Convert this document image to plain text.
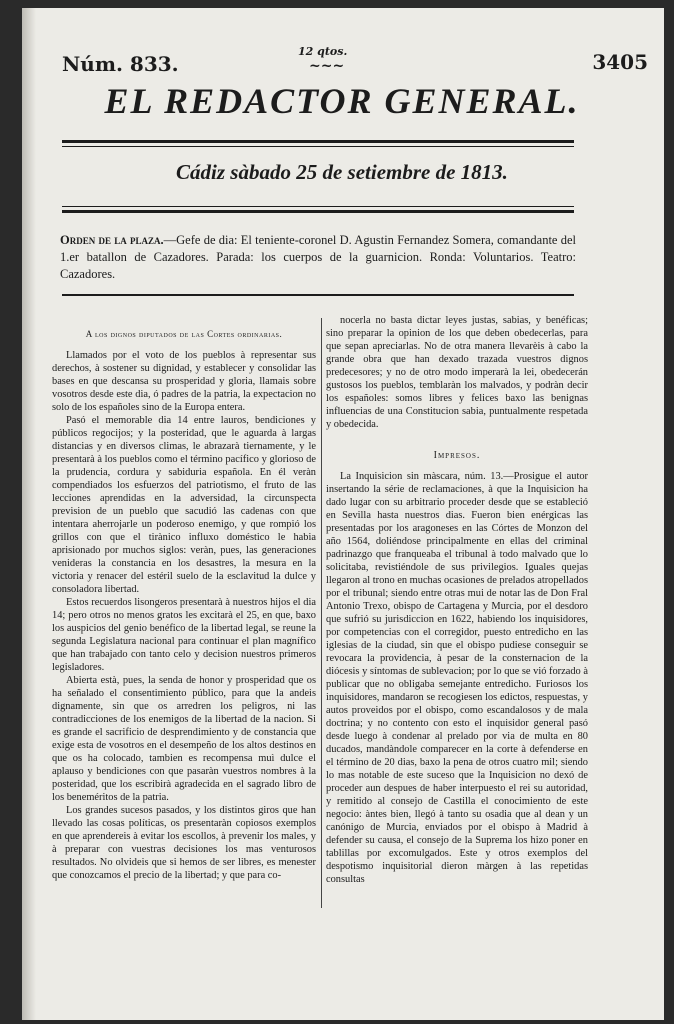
Núm. 833.
12 qtos.
~~~	3405
EL REDACTOR GENERAL.
Cádiz sàbado 25 de setiembre de 1813.
Orden de la plaza.—Gefe de dia: El teniente-coronel D. Agustin Fernandez Somera, comandante del 1.er batallon de Cazadores. Parada: los cuerpos de la guarnicion. Ronda: Voluntarios. Teatro: Cazadores.

A los dignos diputados de las Cortes ordinarias.

Llamados por el voto de los pueblos à representar sus derechos, à sostener su dignidad, y establecer y consolidar las bases en que descansa su prosperidad y gloria, llamais sobre vosotros desde este dia, ó padres de la patria, la expectacion no solo de los españoles sino de la Europa entera.

Pasó el memorable dia 14 entre lauros, bendiciones y públicos regocijos; y la posteridad, que le aguarda à largas distancias y en diversos climas, le abrazarà tiernamente, y le presentarà à los pueblos como el término pacífico y glorioso de la prudencia, cordura y sabiduria española. En él veràn compendiados los esfuerzos del patriotismo, el fruto de las lecciones aprendidas en la adversidad, la circunspecta prevision de un pueblo que sacudió las cadenas con que intentara aherrojarle un poderoso enemigo, y que rompió los grillos con que el tirànico influxo doméstico le habia aprisionado por muchos siglos: veràn, pues, las generaciones venideras la constancia en los desastres, la mesura en la victoria y renacer del estéril suelo de la esclavitud la dulce y consoladora libertad.

Estos recuerdos lisongeros presentarà à nuestros hijos el dia 14; pero otros no menos gratos les excitarà el 25, en que, baxo los auspicios del genio benéfico de la libertad legal, se reune la segunda Legislatura nacional para continuar el plan magnífico que han trabajado con tanto celo y decision nuestros primeros legisladores.

Abierta està, pues, la senda de honor y prosperidad que os ha señalado el consentimiento público, para que la andeis dignamente, sin que os arredren los peligros, ni las contradicciones de los enemigos de la libertad de la nacion. Si es grande el sacrificio de desprendimiento y de constancia que exige esta de vosotros en el desempeño de los altos destinos en que os ha colocado, tambien es recompensa muì dulce el aplauso y bendiciones con que pasaràn vuestros nombres à la posteridad, que los escribirà agradecida en el sagrado libro de los beneméritos de la patria.

Los grandes sucesos pasados, y los distintos giros que han llevado las cosas políticas, os presentaràn copiosos exemplos en que aprendereis à evitar los escollos, à prevenir los males, y à preparar con vuestras decisiones los mas venturosos resultados. No olvideis que si hemos de ser libres, es menester que conozcamos el precio de la libertad; y que para co-

nocerla no basta dictar leyes justas, sabias, y benéficas; sino preparar la opinion de los que deben obedecerlas, para que sepan apreciarlas. No de otra manera llevarèis à cabo la grande obra que han dexado trazada vuestros dignos predecesores; y no de otro modo imperarà la lei, obedecerán gustosos los pueblos, temblaràn los malvados, y podràn decir los españoles: somos libres y felices baxo las benignas influencias de una Constitucion sabia, puntualmente respetada y obedecida.

Impresos.

La Inquisicion sin màscara, núm. 13.—Prosigue el autor insertando la série de reclamaciones, à que la Inquisicion ha dado lugar con su arbitrario proceder desde que se estableció en Sevilla hasta nuestros dias. Fueron bien enérgicas las presentadas por los aragoneses en las Córtes de Monzon del año 1564, doliéndose principalmente en ellas del criminal padrinazgo que franqueaba el tribunal à todo malvado que lo solicitaba, revistiéndole de sus privilegios. Iguales quejas llegaron al trono en muchas ocasiones de prelados atropellados por el tribunal; siendo entre otras mui de notar las de Don Fral Antonio Trexo, obispo de Cartagena y Murcia, por el desdoro que sufrió su jurisdiccion en 1622, habiendo los inquisidores, por competencias con el corregidor, puesto entredicho en las iglesias de la ciudad, sin que el obispo pudiese conseguir se revocara la providencia, à pesar de la consternacion de la diócesis y síntomas de sublevacion; por lo que se vió forzado à publicar que no obligaba semejante entredicho. Furiosos los inquisidores, mandaron se recogiesen los edictos, respuestas, y autos proveidos por el obispo, como escandalosos y de mala doctrina; y no contento con esto el inquisidor general pasó desde luego à condenar al prelado por via de multa en 80 ducados, mandàndole comparecer en la corte à defenderse en el término de 20 dias, baxo la pena de otros cuatro mil; siendo lo mas notable de este suceso que la Inquisicion no dexó de proceder aun despues de haber interpuesto el rei su autoridad, y remitido al consejo de Castilla el conocimiento de este negocio: àntes bien, llegó à tanto su osadia que al dean y un canónigo de Murcia, enviados por el obispo à Madrid à defender su causa, el consejo de la Suprema los hizo poner en tablillas por excomulgados. Este y otros exemplos del despotismo inquisitorial dieron màrgen à las repetidas consultas
